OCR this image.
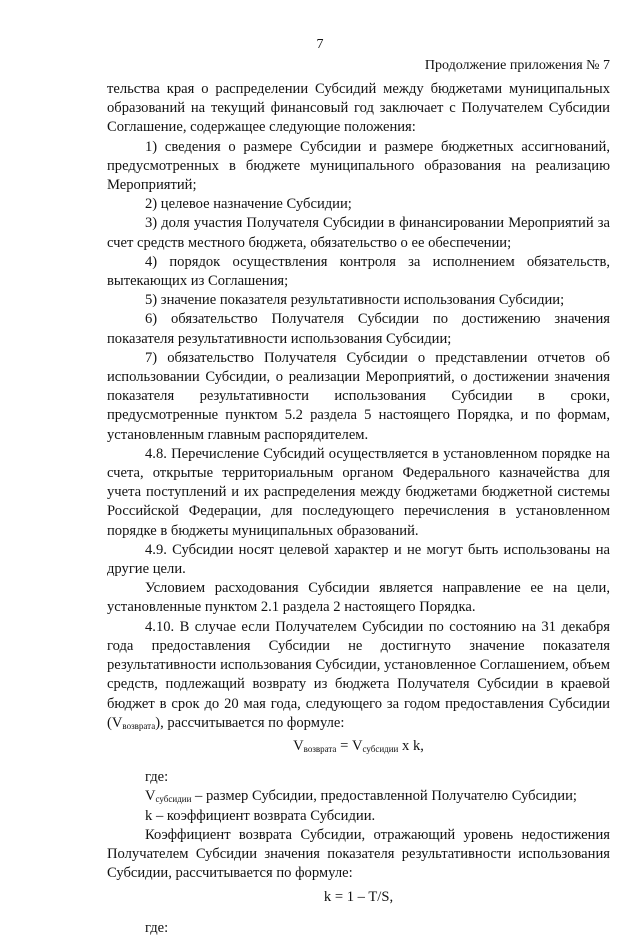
7
Продолжение приложения № 7

тельства края о распределении Субсидий между бюджетами муниципальных образований на текущий финансовый год заключает с Получателем Субсидии Соглашение, содержащее следующие положения:

1) сведения о размере Субсидии и размере бюджетных ассигнований, предусмотренных в бюджете муниципального образования на реализацию Мероприятий;

2) целевое назначение Субсидии;

3) доля участия Получателя Субсидии в финансировании Мероприятий за счет средств местного бюджета, обязательство о ее обеспечении;

4) порядок осуществления контроля за исполнением обязательств, вытекающих из Соглашения;

5) значение показателя результативности использования Субсидии;

6) обязательство Получателя Субсидии по достижению значения показателя результативности использования Субсидии;

7) обязательство Получателя Субсидии о представлении отчетов об использовании Субсидии, о реализации Мероприятий, о достижении значения показателя результативности использования Субсидии в сроки, предусмотренные пунктом 5.2 раздела 5 настоящего Порядка, и по формам, установленным главным распорядителем.

4.8. Перечисление Субсидий осуществляется в установленном порядке на счета, открытые территориальным органом Федерального казначейства для учета поступлений и их распределения между бюджетами бюджетной системы Российской Федерации, для последующего перечисления в установленном порядке в бюджеты муниципальных образований.

4.9. Субсидии носят целевой характер и не могут быть использованы на другие цели.

Условием расходования Субсидии является направление ее на цели, установленные пунктом 2.1 раздела 2 настоящего Порядка.

4.10. В случае если Получателем Субсидии по состоянию на 31 декабря года предоставления Субсидии не достигнуто значение показателя результативности использования Субсидии, установленное Соглашением, объем средств, подлежащий возврату из бюджета Получателя Субсидии в краевой бюджет в срок до 20 мая года, следующего за годом предоставления Субсидии $(V_{возврата})$, рассчитывается по формуле:

$V_{возврата} = V_{субсидии}$ x k,

где:

$V_{субсидии}$ – размер Субсидии, предоставленной Получателю Субсидии;

k – коэффициент возврата Субсидии.

Коэффициент возврата Субсидии, отражающий уровень недостижения Получателем Субсидии значения показателя результативности использования Субсидии, рассчитывается по формуле:

k = 1 – T/S,

где:
